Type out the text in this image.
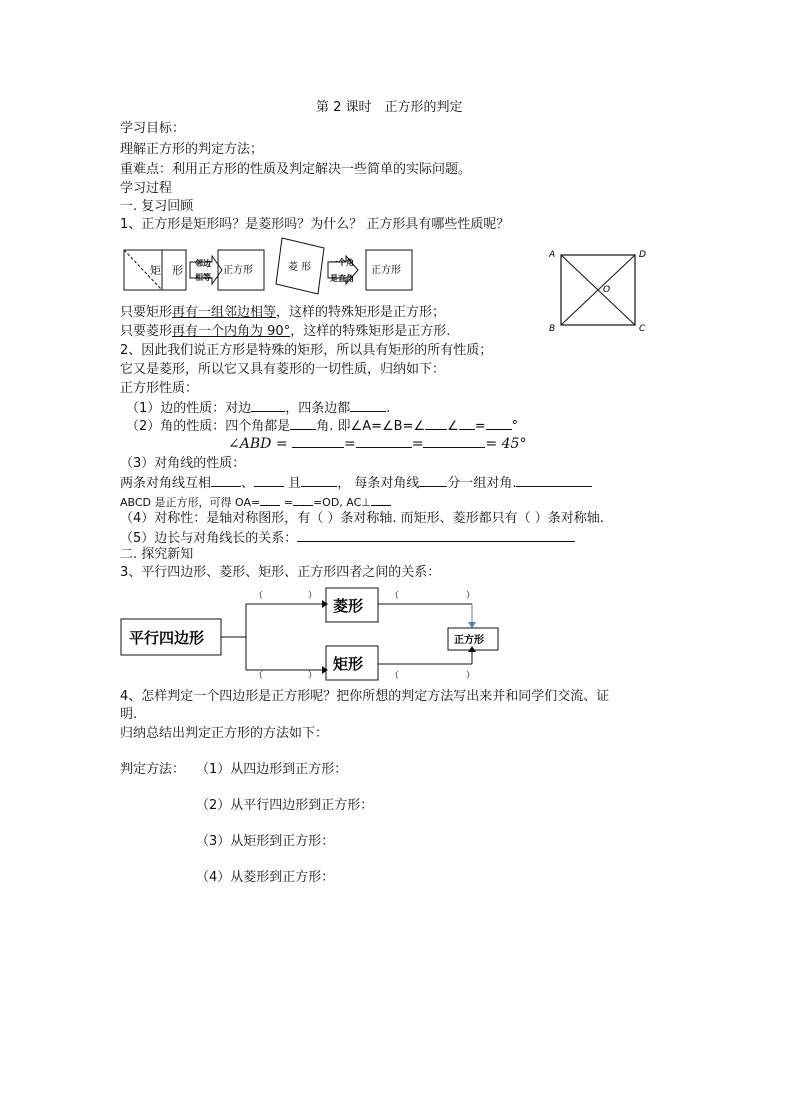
第 2 课时　正方形的判定
学习目标：
理解正方形的判定方法；
重难点：利用正方形的性质及判定解决一些简单的实际问题。
学习过程
一. 复习回顾
1、正方形是矩形吗？是菱形吗？为什么？ 正方形具有哪些性质呢？
矩　形
邻边
相等
正方形	菱 形 一个角
是直角
正方形
A	D
O
B	C
只要矩形再有一组邻边相等，这样的特殊矩形是正方形；
只要菱形再有一个内角为 90°，这样的特殊矩形是正方形.
2、因此我们说正方形是特殊的矩形，所以具有矩形的所有性质；
它又是菱形，所以它又具有菱形的一切性质，归纳如下：
正方形性质：
（1）边的性质：对边	，四条边都	.
（2）角的性质：四个角都是 角. 即∠A=∠B=∠ ∠ = °
∠ABD =	=	=	= 45°
（3）对角线的性质：
两条对角线互相 、	且	， 每条对角线 分一组对角.
ABCD 是正方形，可得 OA= = =OD, AC⊥
（4）对称性：是轴对称图形，有（ ）条对称轴. 而矩形、菱形都只有（ ）条对称轴.
（5）边长与对角线长的关系：
二. 探究新知
3、平行四边形、菱形、矩形、正方形四者之间的关系：
平行四边形
（	）
（	）
菱形
矩形
（	）
（	）
正方形
4、怎样判定一个四边形是正方形呢？把你所想的判定方法写出来并和同学们交流、证
明.
归纳总结出判定正方形的方法如下：
判定方法： （1）从四边形到正方形：
（2）从平行四边形到正方形：
（3）从矩形到正方形：
（4）从菱形到正方形：
